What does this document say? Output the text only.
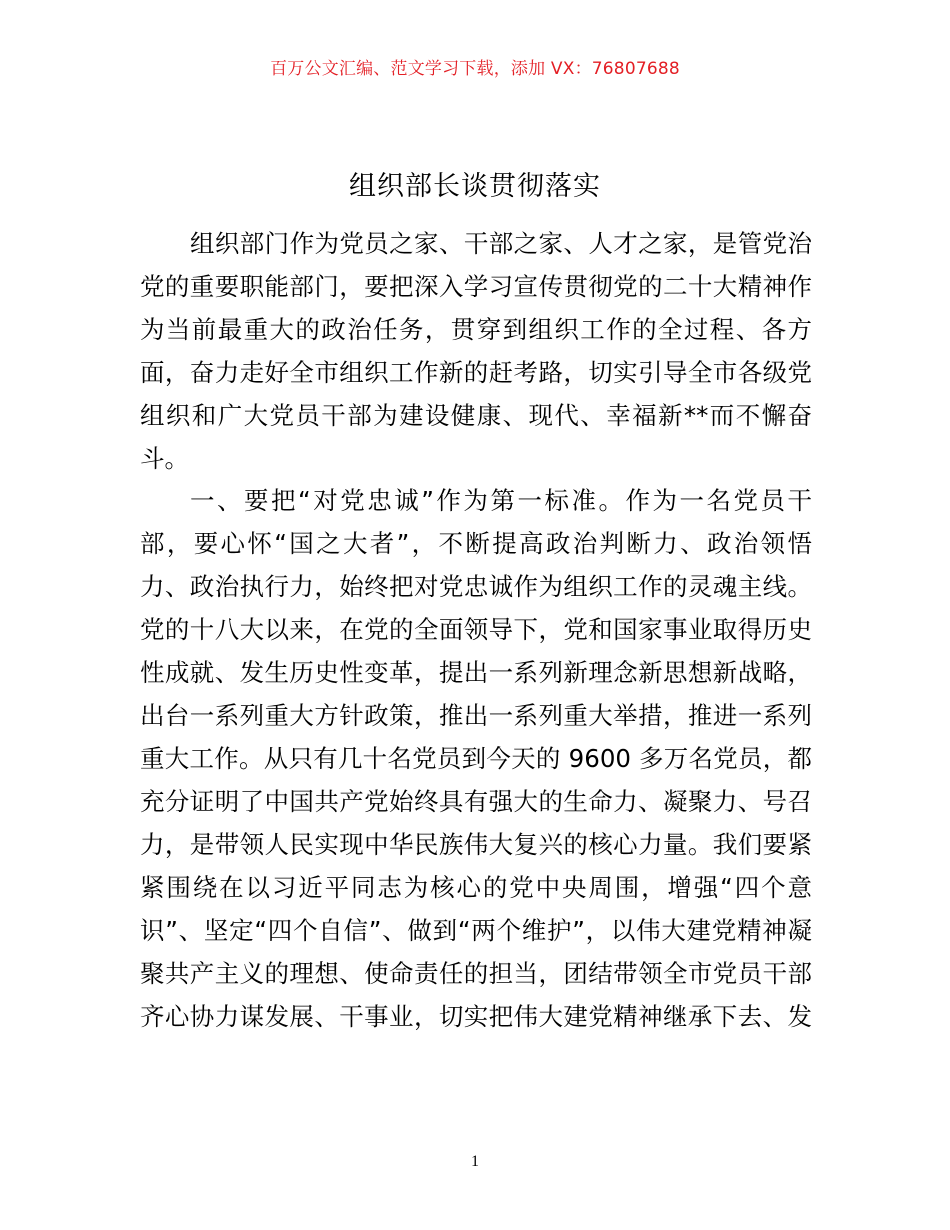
百万公文汇编、范文学习下载，添加 VX：76807688
组织部长谈贯彻落实
组织部门作为党员之家、干部之家、人才之家，是管党治
党的重要职能部门，要把深入学习宣传贯彻党的二十大精神作
为当前最重大的政治任务，贯穿到组织工作的全过程、各方
面，奋力走好全市组织工作新的赶考路，切实引导全市各级党
组织和广大党员干部为建设健康、现代、幸福新**而不懈奋
斗。
一、要把“对党忠诚”作为第一标准。作为一名党员干
部，要心怀“国之大者”，不断提高政治判断力、政治领悟
力、政治执行力，始终把对党忠诚作为组织工作的灵魂主线。
党的十八大以来，在党的全面领导下，党和国家事业取得历史
性成就、发生历史性变革，提出一系列新理念新思想新战略，
出台一系列重大方针政策，推出一系列重大举措，推进一系列
重大工作。从只有几十名党员到今天的 9600 多万名党员，都
充分证明了中国共产党始终具有强大的生命力、凝聚力、号召
力，是带领人民实现中华民族伟大复兴的核心力量。我们要紧
紧围绕在以习近平同志为核心的党中央周围，增强“四个意
识”、坚定“四个自信”、做到“两个维护”，以伟大建党精神凝
聚共产主义的理想、使命责任的担当，团结带领全市党员干部
齐心协力谋发展、干事业，切实把伟大建党精神继承下去、发
1
